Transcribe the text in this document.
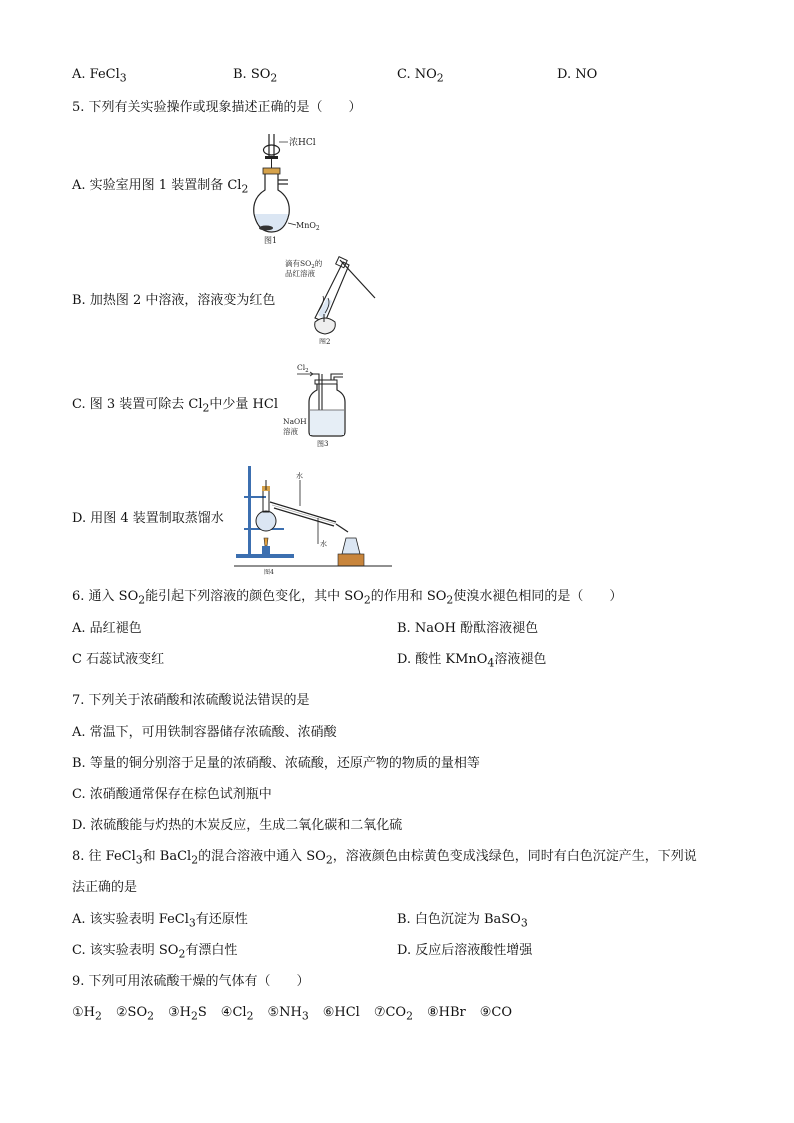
A. FeCl$_3$	B. $SO_2$	C. $NO_2$	D. NO
5. 下列有关实验操作或现象描述正确的是（　　）
A. 实验室用图 1 装置制备 $Cl_2$
B. 加热图 2 中溶液，溶液变为红色
C. 图 3 装置可除去 $Cl_2$中少量 HCl
D. 用图 4 装置制取蒸馏水
浓HCl
MnO$_2$
图1
滴有$SO_2$的
品红溶液
图2
$Cl_2$
NaOH
溶液
图3
水
水
图4
6. 通入 $SO_2$能引起下列溶液的颜色变化，其中 $SO_2$的作用和 $SO_2$使溴水褪色相同的是（　　）
A. 品红褪色	B. NaOH 酚酞溶液褪色
C 石蕊试液变红	D. 酸性 KMnO$_4$溶液褪色
7. 下列关于浓硝酸和浓硫酸说法错误的是
A. 常温下，可用铁制容器储存浓硫酸、浓硝酸
B. 等量的铜分别溶于足量的浓硝酸、浓硫酸，还原产物的物质的量相等
C. 浓硝酸通常保存在棕色试剂瓶中
D. 浓硫酸能与灼热的木炭反应，生成二氧化碳和二氧化硫
8. 往 FeCl$_3$和 BaCl$_2$的混合溶液中通入 $SO_2$，溶液颜色由棕黄色变成浅绿色，同时有白色沉淀产生，下列说
法正确的是
A. 该实验表明 FeCl$_3$有还原性	B. 白色沉淀为 BaSO$_3$
C. 该实验表明 $SO_2$有漂白性	D. 反应后溶液酸性增强
9. 下列可用浓硫酸干燥的气体有（　　）
$①H_2$ $②SO_2$ $③H_2S$ $④Cl_2$ $⑤NH_3$ ⑥HCl $⑦CO_2$ ⑧HBr ⑨CO
